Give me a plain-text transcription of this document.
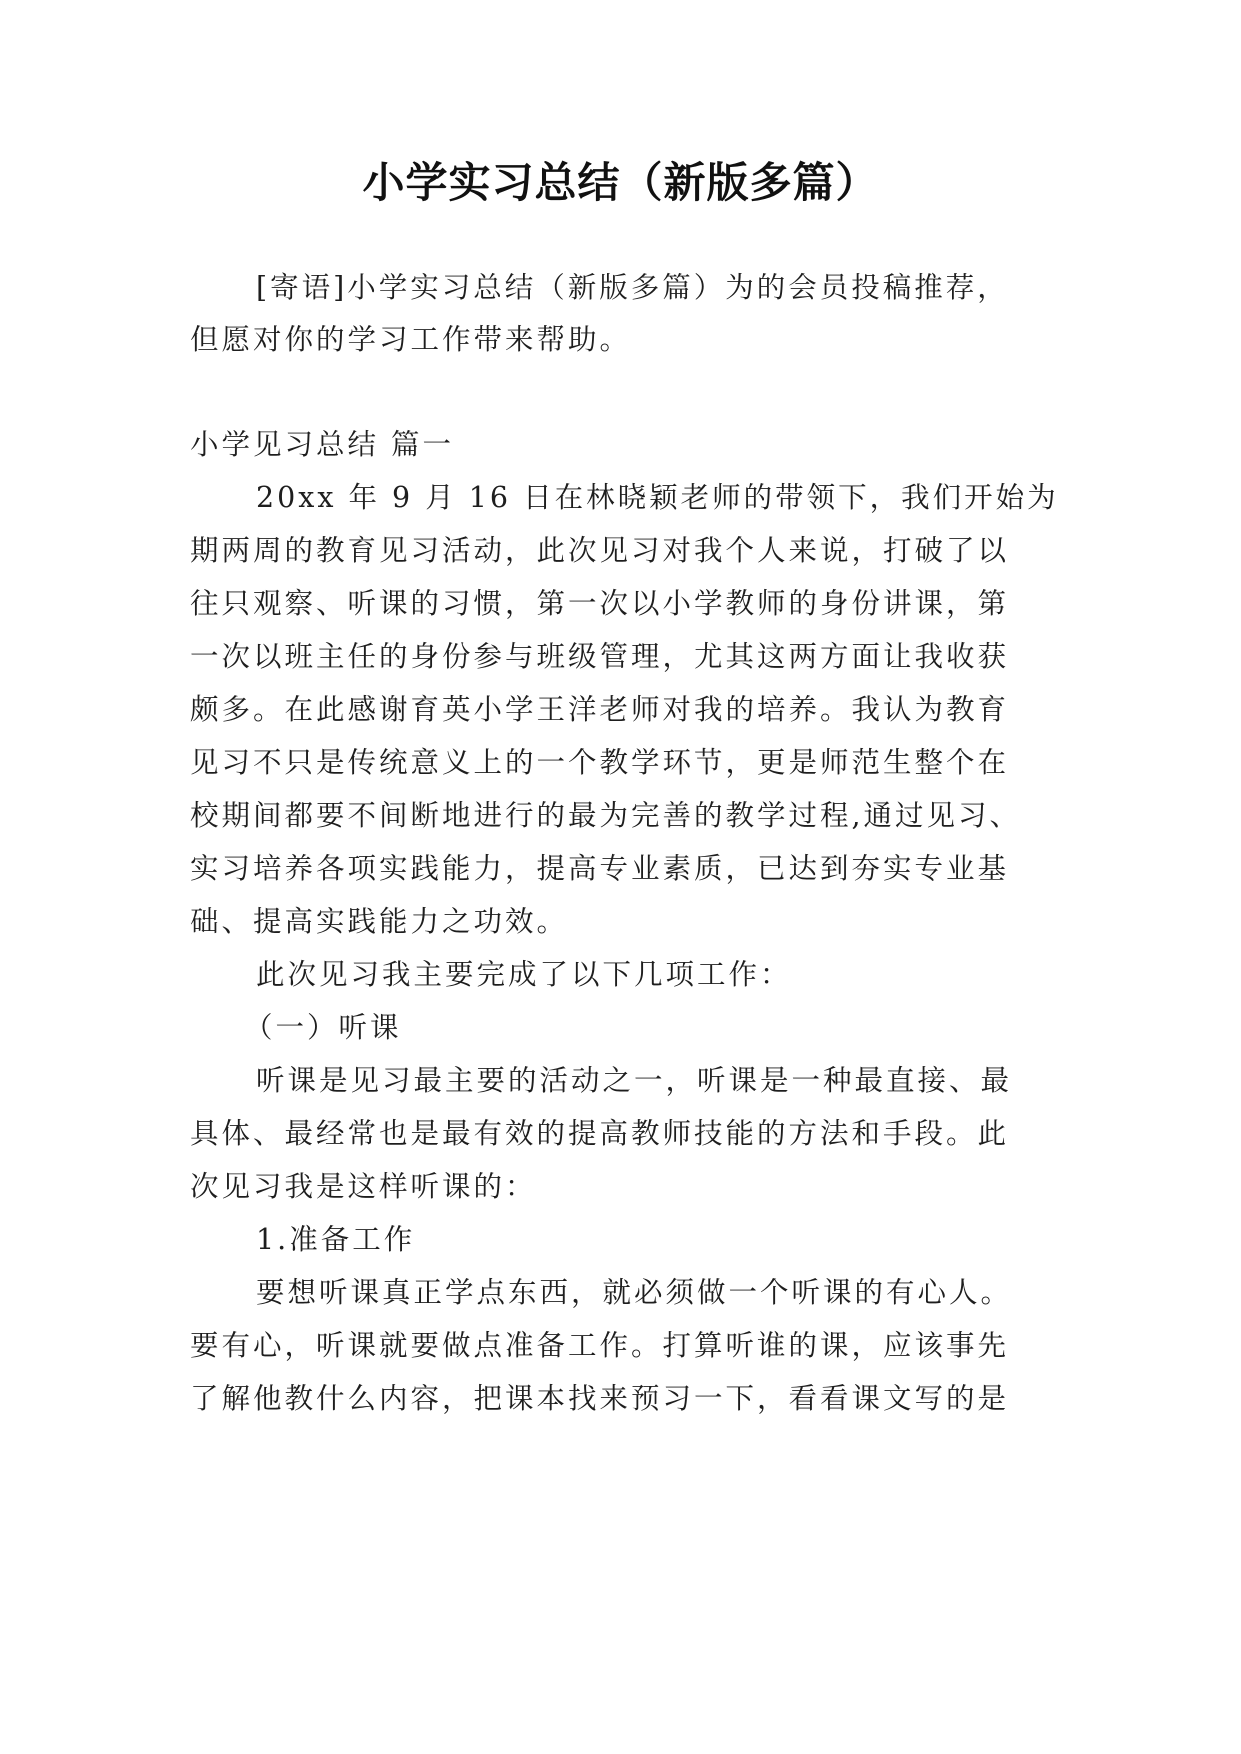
小学实习总结（新版多篇）
[寄语]小学实习总结（新版多篇）为的会员投稿推荐，
但愿对你的学习工作带来帮助。
小学见习总结 篇一
20xx 年 9 月 16 日在林晓颖老师的带领下，我们开始为
期两周的教育见习活动，此次见习对我个人来说，打破了以
往只观察、听课的习惯，第一次以小学教师的身份讲课，第
一次以班主任的身份参与班级管理，尤其这两方面让我收获
颇多。在此感谢育英小学王洋老师对我的培养。我认为教育
见习不只是传统意义上的一个教学环节，更是师范生整个在
校期间都要不间断地进行的最为完善的教学过程,通过见习、
实习培养各项实践能力，提高专业素质，已达到夯实专业基
础、提高实践能力之功效。
此次见习我主要完成了以下几项工作：
（一）听课
听课是见习最主要的活动之一，听课是一种最直接、最
具体、最经常也是最有效的提高教师技能的方法和手段。此
次见习我是这样听课的：
1.准备工作
要想听课真正学点东西，就必须做一个听课的有心人。
要有心，听课就要做点准备工作。打算听谁的课，应该事先
了解他教什么内容，把课本找来预习一下，看看课文写的是
